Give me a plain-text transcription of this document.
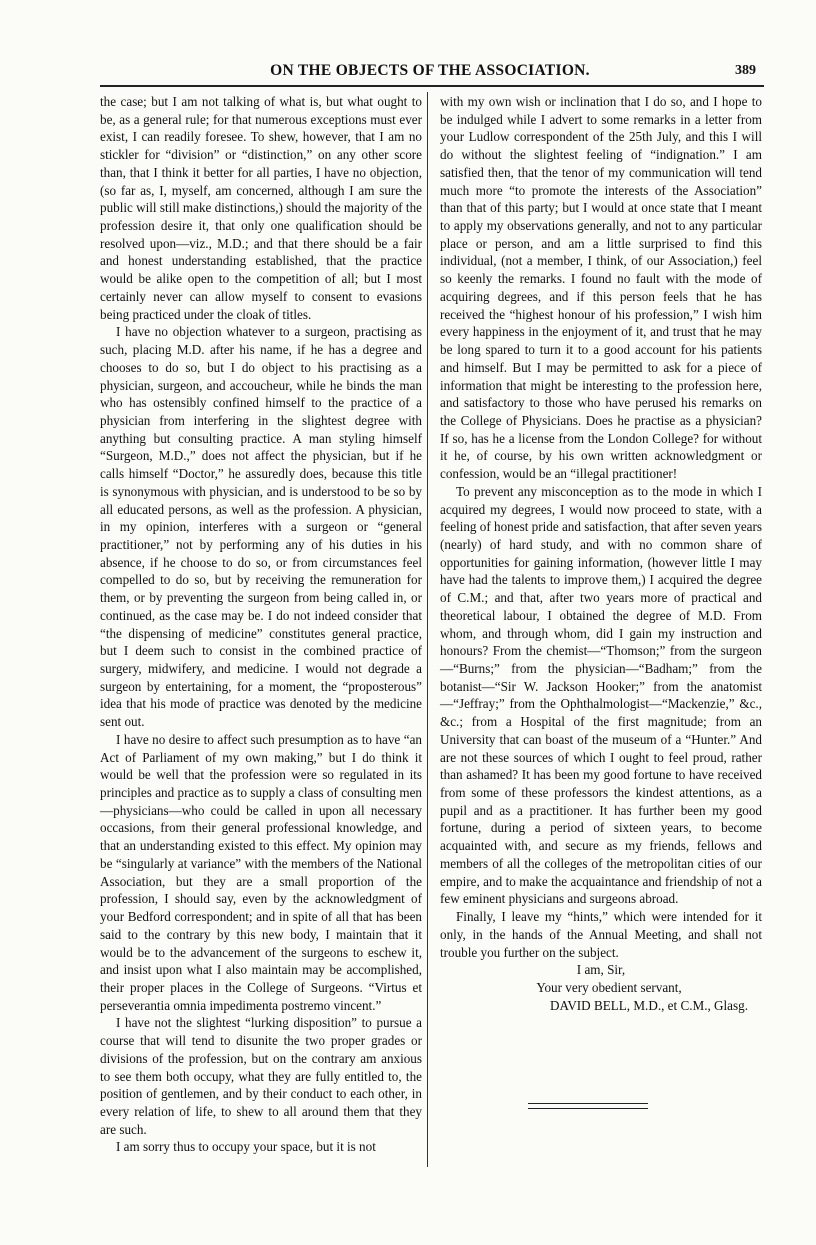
ON THE OBJECTS OF THE ASSOCIATION.	389

the case; but I am not talking of what is, but what ought to be, as a general rule; for that numerous exceptions must ever exist, I can readily foresee. To shew, however, that I am no stickler for “division” or “distinction,” on any other score than, that I think it better for all parties, I have no objection, (so far as, I, myself, am concerned, although I am sure the public will still make distinctions,) should the majority of the profession desire it, that only one qualification should be resolved upon—viz., M.D.; and that there should be a fair and honest understanding established, that the practice would be alike open to the competition of all; but I most certainly never can allow myself to consent to evasions being practiced under the cloak of titles.

I have no objection whatever to a surgeon, practising as such, placing M.D. after his name, if he has a degree and chooses to do so, but I do object to his practising as a physician, surgeon, and accoucheur, while he binds the man who has ostensibly confined himself to the practice of a physician from interfering in the slightest degree with anything but consulting practice. A man styling himself “Surgeon, M.D.,” does not affect the physician, but if he calls himself “Doctor,” he assuredly does, because this title is synonymous with physician, and is understood to be so by all educated persons, as well as the profession. A physician, in my opinion, interferes with a surgeon or “general practitioner,” not by performing any of his duties in his absence, if he choose to do so, or from circumstances feel compelled to do so, but by receiving the remuneration for them, or by preventing the surgeon from being called in, or continued, as the case may be. I do not indeed consider that “the dispensing of medicine” constitutes general practice, but I deem such to consist in the combined practice of surgery, midwifery, and medicine. I would not degrade a surgeon by entertaining, for a moment, the “proposterous” idea that his mode of practice was denoted by the medicine sent out.

I have no desire to affect such presumption as to have “an Act of Parliament of my own making,” but I do think it would be well that the profession were so regulated in its principles and practice as to supply a class of consulting men—physicians—who could be called in upon all necessary occasions, from their general professional knowledge, and that an understanding existed to this effect. My opinion may be “singularly at variance” with the members of the National Association, but they are a small proportion of the profession, I should say, even by the acknowledgment of your Bedford correspondent; and in spite of all that has been said to the contrary by this new body, I maintain that it would be to the advancement of the surgeons to eschew it, and insist upon what I also maintain may be accomplished, their proper places in the College of Surgeons. “Virtus et perseverantia omnia impedimenta postremo vincent.”

I have not the slightest “lurking disposition” to pursue a course that will tend to disunite the two proper grades or divisions of the profession, but on the contrary am anxious to see them both occupy, what they are fully entitled to, the position of gentlemen, and by their conduct to each other, in every relation of life, to shew to all around them that they are such.

I am sorry thus to occupy your space, but it is not

with my own wish or inclination that I do so, and I hope to be indulged while I advert to some remarks in a letter from your Ludlow correspondent of the 25th July, and this I will do without the slightest feeling of “indignation.” I am satisfied then, that the tenor of my communication will tend much more “to promote the interests of the Association” than that of this party; but I would at once state that I meant to apply my observations generally, and not to any particular place or person, and am a little surprised to find this individual, (not a member, I think, of our Association,) feel so keenly the remarks. I found no fault with the mode of acquiring degrees, and if this person feels that he has received the “highest honour of his profession,” I wish him every happiness in the enjoyment of it, and trust that he may be long spared to turn it to a good account for his patients and himself. But I may be permitted to ask for a piece of information that might be interesting to the profession here, and satisfactory to those who have perused his remarks on the College of Physicians. Does he practise as a physician? If so, has he a license from the London College? for without it he, of course, by his own written acknowledgment or confession, would be an “illegal practitioner!

To prevent any misconception as to the mode in which I acquired my degrees, I would now proceed to state, with a feeling of honest pride and satisfaction, that after seven years (nearly) of hard study, and with no common share of opportunities for gaining information, (however little I may have had the talents to improve them,) I acquired the degree of C.M.; and that, after two years more of practical and theoretical labour, I obtained the degree of M.D. From whom, and through whom, did I gain my instruction and honours? From the chemist—“Thomson;” from the surgeon—“Burns;” from the physician—“Badham;” from the botanist—“Sir W. Jackson Hooker;” from the anatomist—“Jeffray;” from the Ophthalmologist—“Mackenzie,” &c., &c.; from a Hospital of the first magnitude; from an University that can boast of the museum of a “Hunter.” And are not these sources of which I ought to feel proud, rather than ashamed? It has been my good fortune to have received from some of these professors the kindest attentions, as a pupil and as a practitioner. It has further been my good fortune, during a period of sixteen years, to become acquainted with, and secure as my friends, fellows and members of all the colleges of the metropolitan cities of our empire, and to make the acquaintance and friendship of not a few eminent physicians and surgeons abroad.

Finally, I leave my “hints,” which were intended for it only, in the hands of the Annual Meeting, and shall not trouble you further on the subject.

I am, Sir,

Your very obedient servant,

DAVID BELL, M.D., et C.M., Glasg.
